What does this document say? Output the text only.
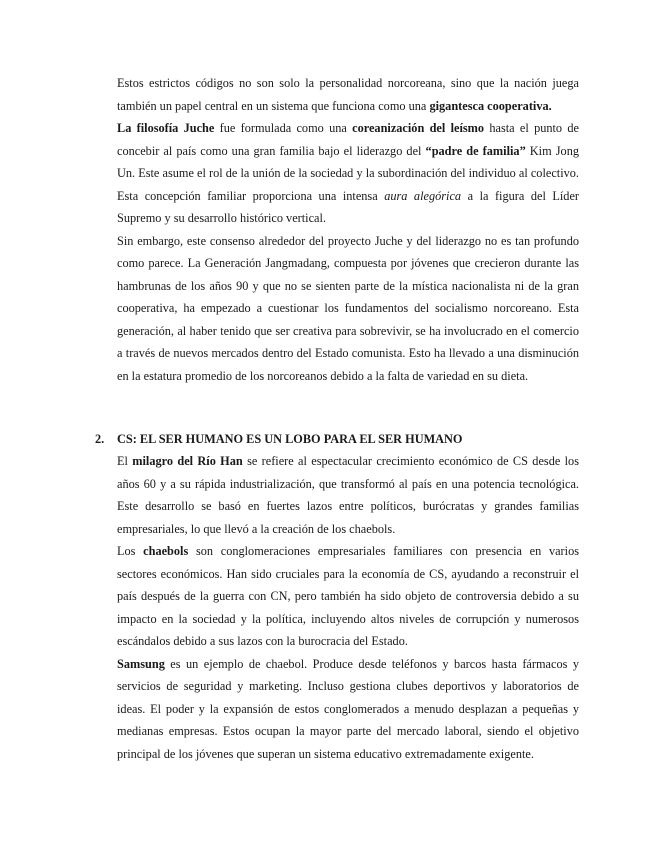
Estos estrictos códigos no son solo la personalidad norcoreana, sino que la nación juega también un papel central en un sistema que funciona como una gigantesca cooperativa.

La filosofía Juche fue formulada como una coreanización del leísmo hasta el punto de concebir al país como una gran familia bajo el liderazgo del “padre de familia” Kim Jong Un. Este asume el rol de la unión de la sociedad y la subordinación del individuo al colectivo. Esta concepción familiar proporciona una intensa aura alegórica a la figura del Líder Supremo y su desarrollo histórico vertical.

Sin embargo, este consenso alrededor del proyecto Juche y del liderazgo no es tan profundo como parece. La Generación Jangmadang, compuesta por jóvenes que crecieron durante las hambrunas de los años 90 y que no se sienten parte de la mística nacionalista ni de la gran cooperativa, ha empezado a cuestionar los fundamentos del socialismo norcoreano. Esta generación, al haber tenido que ser creativa para sobrevivir, se ha involucrado en el comercio a través de nuevos mercados dentro del Estado comunista. Esto ha llevado a una disminución en la estatura promedio de los norcoreanos debido a la falta de variedad en su dieta.

2. CS: EL SER HUMANO ES UN LOBO PARA EL SER HUMANO

El milagro del Río Han se refiere al espectacular crecimiento económico de CS desde los años 60 y a su rápida industrialización, que transformó al país en una potencia tecnológica. Este desarrollo se basó en fuertes lazos entre políticos, burócratas y grandes familias empresariales, lo que llevó a la creación de los chaebols.

Los chaebols son conglomeraciones empresariales familiares con presencia en varios sectores económicos. Han sido cruciales para la economía de CS, ayudando a reconstruir el país después de la guerra con CN, pero también ha sido objeto de controversia debido a su impacto en la sociedad y la política, incluyendo altos niveles de corrupción y numerosos escándalos debido a sus lazos con la burocracia del Estado.

Samsung es un ejemplo de chaebol. Produce desde teléfonos y barcos hasta fármacos y servicios de seguridad y marketing. Incluso gestiona clubes deportivos y laboratorios de ideas. El poder y la expansión de estos conglomerados a menudo desplazan a pequeñas y medianas empresas. Estos ocupan la mayor parte del mercado laboral, siendo el objetivo principal de los jóvenes que superan un sistema educativo extremadamente exigente.
